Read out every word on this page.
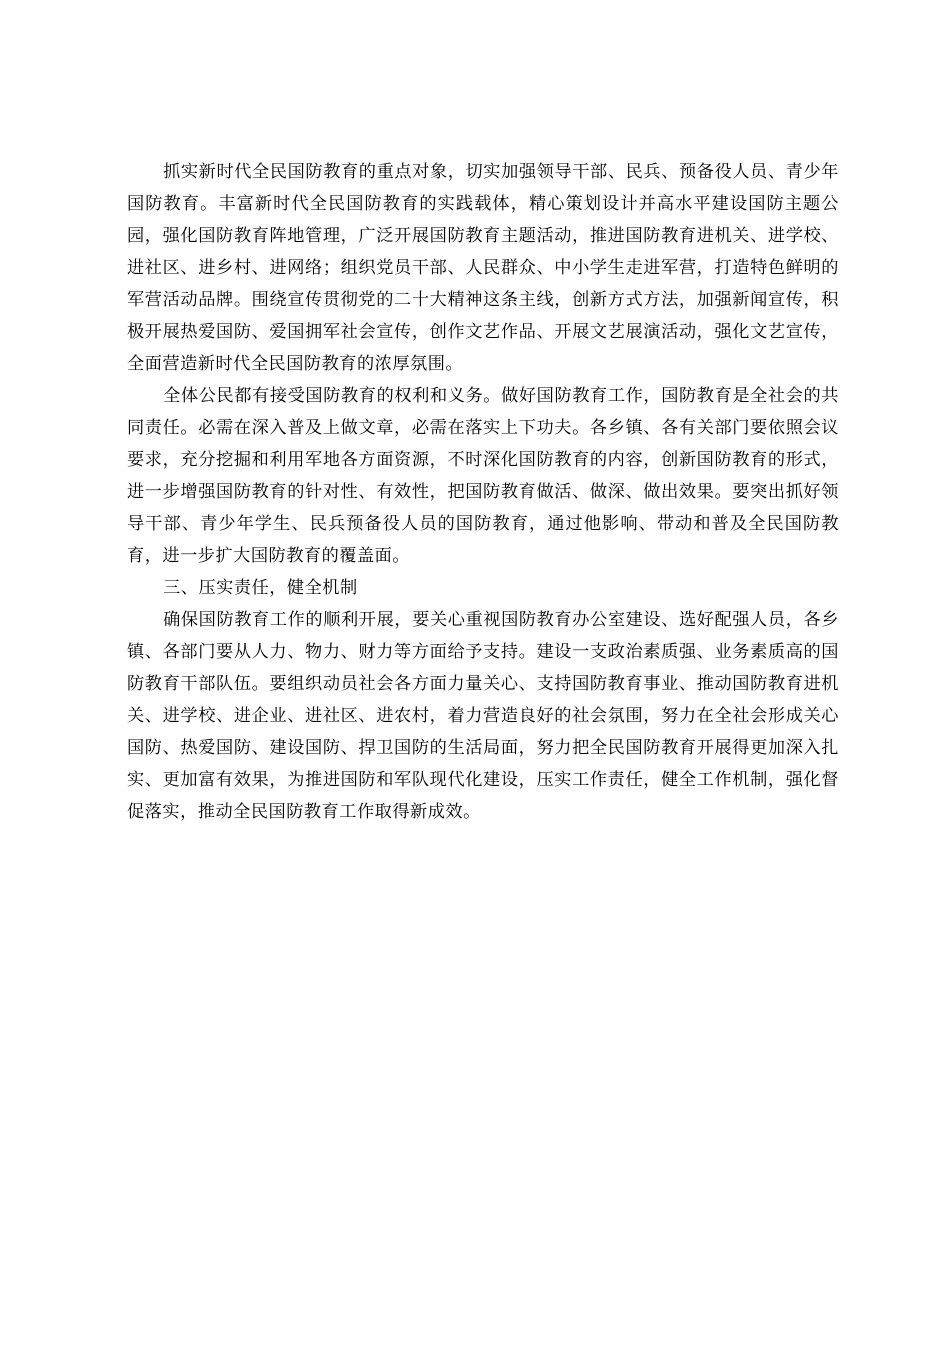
抓实新时代全民国防教育的重点对象，切实加强领导干部、民兵、预备役人员、青少年国防教育。丰富新时代全民国防教育的实践载体，精心策划设计并高水平建设国防主题公园，强化国防教育阵地管理，广泛开展国防教育主题活动，推进国防教育进机关、进学校、进社区、进乡村、进网络；组织党员干部、人民群众、中小学生走进军营，打造特色鲜明的军营活动品牌。围绕宣传贯彻党的二十大精神这条主线，创新方式方法，加强新闻宣传，积极开展热爱国防、爱国拥军社会宣传，创作文艺作品、开展文艺展演活动，强化文艺宣传，全面营造新时代全民国防教育的浓厚氛围。

全体公民都有接受国防教育的权利和义务。做好国防教育工作，国防教育是全社会的共同责任。必需在深入普及上做文章，必需在落实上下功夫。各乡镇、各有关部门要依照会议要求，充分挖掘和利用军地各方面资源，不时深化国防教育的内容，创新国防教育的形式，进一步增强国防教育的针对性、有效性，把国防教育做活、做深、做出效果。要突出抓好领导干部、青少年学生、民兵预备役人员的国防教育，通过他影响、带动和普及全民国防教育，进一步扩大国防教育的覆盖面。

三、压实责任，健全机制

确保国防教育工作的顺利开展，要关心重视国防教育办公室建设、选好配强人员，各乡镇、各部门要从人力、物力、财力等方面给予支持。建设一支政治素质强、业务素质高的国防教育干部队伍。要组织动员社会各方面力量关心、支持国防教育事业、推动国防教育进机关、进学校、进企业、进社区、进农村，着力营造良好的社会氛围，努力在全社会形成关心国防、热爱国防、建设国防、捍卫国防的生活局面，努力把全民国防教育开展得更加深入扎实、更加富有效果，为推进国防和军队现代化建设，压实工作责任，健全工作机制，强化督促落实，推动全民国防教育工作取得新成效。
